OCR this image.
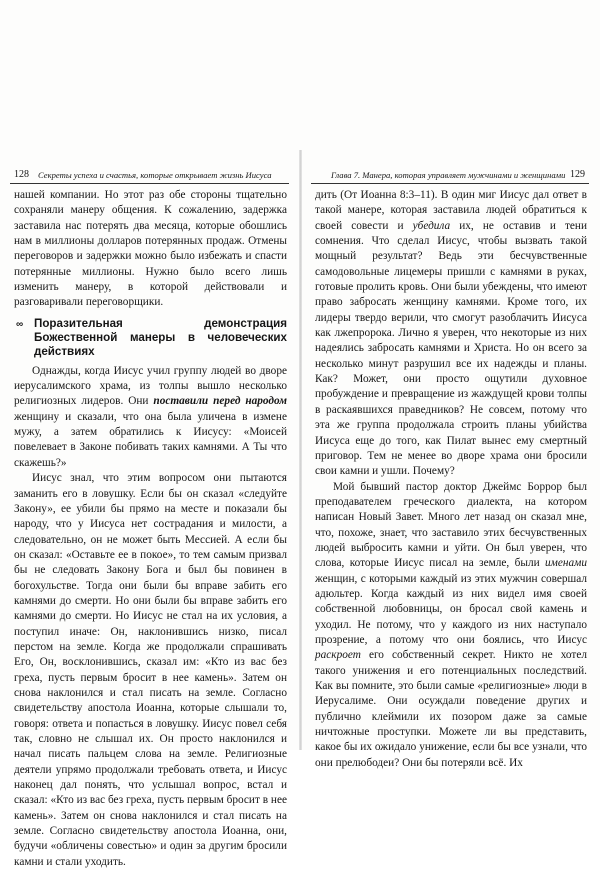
128 Секреты успеха и счастья, которые открывает жизнь Иисуса

нашей компании. Но этот раз обе стороны тщательно сохраняли манеру общения. К сожалению, задержка заставила нас потерять два месяца, которые обошлись нам в миллионы долларов потерянных продаж. Отмены переговоров и задержки можно было избежать и спасти потерянные миллионы. Нужно было всего лишь изменить манеру, в которой действовали и разговаривали переговорщики.

∞ Поразительная демонстрация Божественной манеры в человеческих действиях

Однажды, когда Иисус учил группу людей во дворе иерусалимского храма, из толпы вышло несколько религиозных лидеров. Они поставили перед народом женщину и сказали, что она была уличена в измене мужу, а затем обратились к Иисусу: «Моисей повелевает в Законе побивать таких камнями. А Ты что скажешь?»

Иисус знал, что этим вопросом они пытаются заманить его в ловушку. Если бы он сказал «следуйте Закону», ее убили бы прямо на месте и показали бы народу, что у Иисуса нет сострадания и милости, а следовательно, он не может быть Мессией. А если бы он сказал: «Оставьте ее в покое», то тем самым призвал бы не следовать Закону Бога и был бы повинен в богохульстве. Тогда они были бы вправе забить его камнями до смерти. Но они были бы вправе забить его камнями до смерти. Но Иисус не стал на их условия, а поступил иначе: Он, наклонившись низко, писал перстом на земле. Когда же продолжали спрашивать Его, Он, восклонившись, сказал им: «Кто из вас без греха, пусть первым бросит в нее камень». Затем он снова наклонился и стал писать на земле. Согласно свидетельству апостола Иоанна, которые слышали то, говоря: ответа и попасться в ловушку. Иисус повел себя так, словно не слышал их. Он просто наклонился и начал писать пальцем слова на земле. Религиозные деятели упрямо продолжали требовать ответа, и Иисус наконец дал понять, что услышал вопрос, встал и сказал: «Кто из вас без греха, пусть первым бросит в нее камень». Затем он снова наклонился и стал писать на земле. Согласно свидетельству апостола Иоанна, они, будучи «обличены совестью» и один за другим бросили камни и стали уходить.

Глава 7. Манера, которая управляет мужчинами и женщинами 129

дить (От Иоанна 8:3–11). В один миг Иисус дал ответ в такой манере, которая заставила людей обратиться к своей совести и убедила их, не оставив и тени сомнения. Что сделал Иисус, чтобы вызвать такой мощный результат? Ведь эти бесчувственные самодовольные лицемеры пришли с камнями в руках, готовые пролить кровь. Они были убеждены, что имеют право забросать женщину камнями. Кроме того, их лидеры твердо верили, что смогут разоблачить Иисуса как лжепророка. Лично я уверен, что некоторые из них надеялись забросать камнями и Христа. Но он всего за несколько минут разрушил все их надежды и планы. Как? Может, они просто ощутили духовное пробуждение и превращение из жаждущей крови толпы в раскаявшихся праведников? Не совсем, потому что эта же группа продолжала строить планы убийства Иисуса еще до того, как Пилат вынес ему смертный приговор. Тем не менее во дворе храма они бросили свои камни и ушли. Почему?

Мой бывший пастор доктор Джеймс Боррор был преподавателем греческого диалекта, на котором написан Новый Завет. Много лет назад он сказал мне, что, похоже, знает, что заставило этих бесчувственных людей выбросить камни и уйти. Он был уверен, что слова, которые Иисус писал на земле, были именами женщин, с которыми каждый из этих мужчин совершал адюльтер. Когда каждый из них видел имя своей собственной любовницы, он бросал свой камень и уходил. Не потому, что у каждого из них наступало прозрение, а потому что они боялись, что Иисус раскроет его собственный секрет. Никто не хотел такого унижения и его потенциальных последствий. Как вы помните, это были самые «религиозные» люди в Иерусалиме. Они осуждали поведение других и публично клеймили их позором даже за самые ничтожные проступки. Можете ли вы представить, какое бы их ожидало унижение, если бы все узнали, что они прелюбодеи? Они бы потеряли всё. Их
